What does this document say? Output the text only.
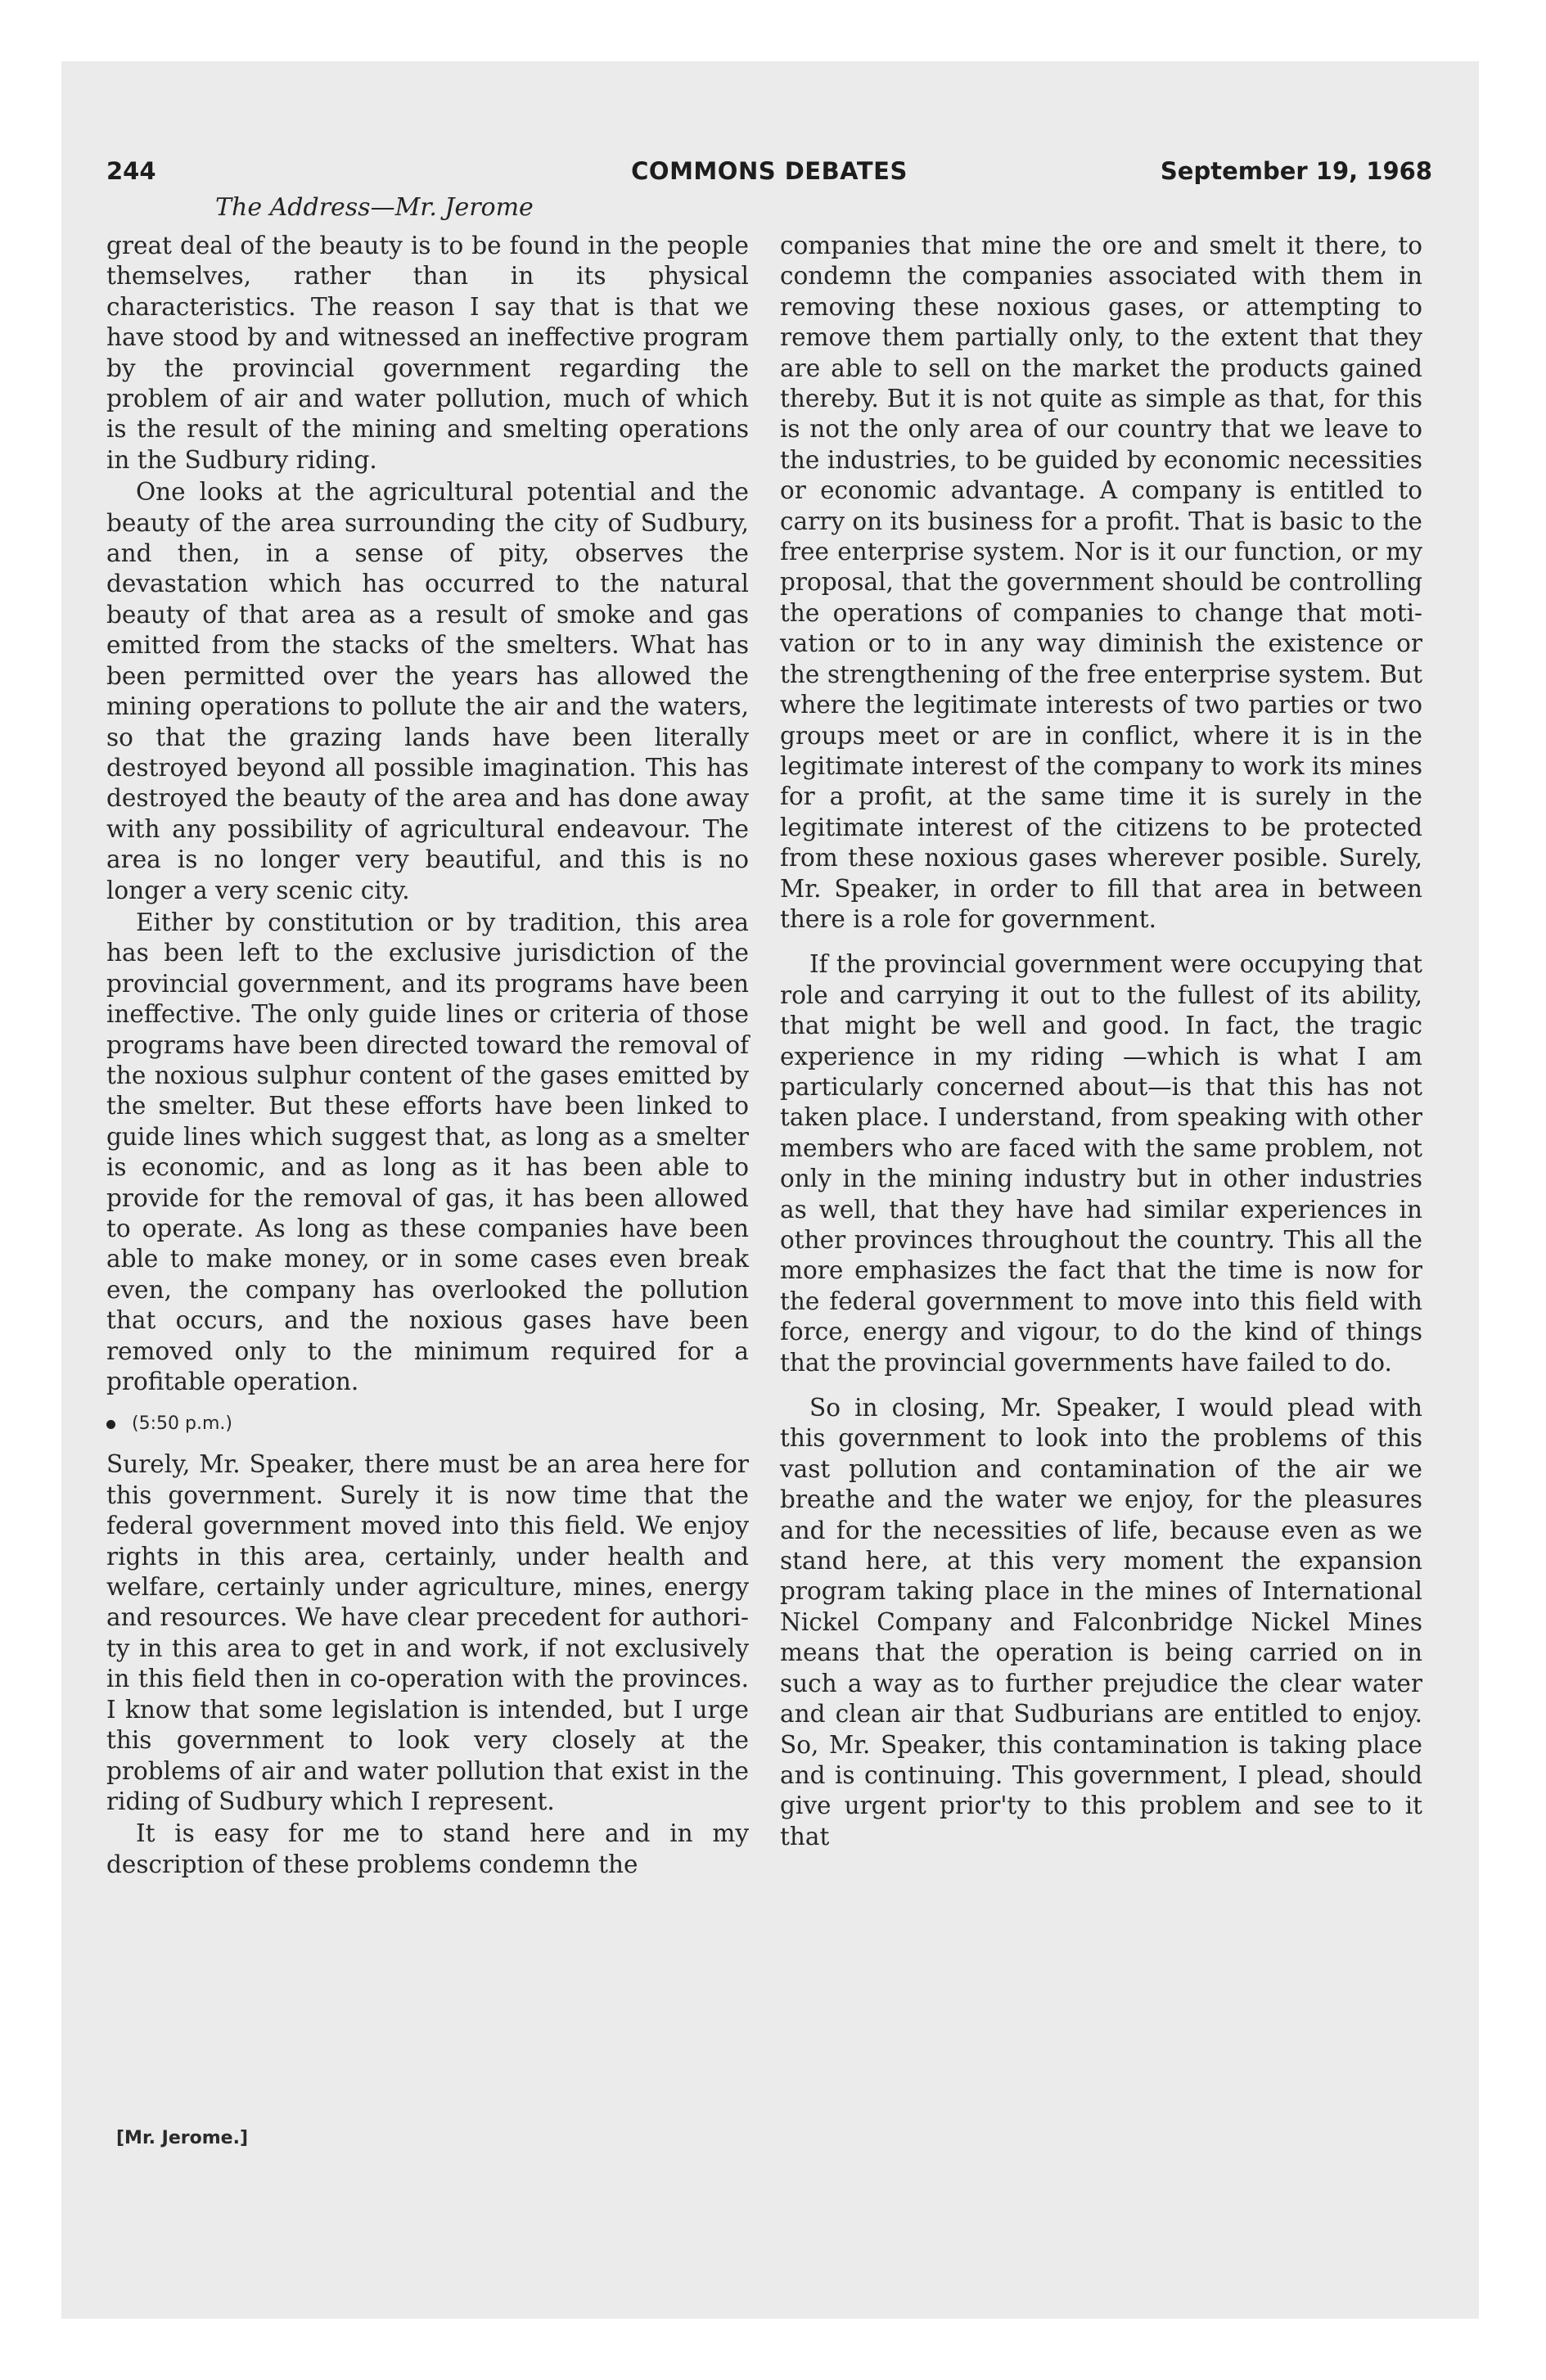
244	COMMONS DEBATES	September 19, 1968
The Address—Mr. Jerome

great deal of the beauty is to be found in the people themselves, rather than in its physical characteristics. The reason I say that is that we have stood by and witnessed an ineffective program by the provincial government regarding the problem of air and water pollution, much of which is the result of the mining and smelting operations in the Sudbury riding.

One looks at the agricultural potential and the beauty of the area surrounding the city of Sudbury, and then, in a sense of pity, observes the devastation which has occurred to the natural beauty of that area as a result of smoke and gas emitted from the stacks of the smelters. What has been permitted over the years has allowed the mining operations to pollute the air and the waters, so that the grazing lands have been literally destroyed beyond all possible imagination. This has destroyed the beauty of the area and has done away with any possibility of agricultural endeavour. The area is no longer very beautiful, and this is no longer a very scenic city.

Either by constitution or by tradition, this area has been left to the exclusive jurisdiction of the provincial government, and its programs have been ineffective. The only guide lines or criteria of those programs have been directed toward the removal of the noxious sulphur content of the gases emitted by the smelter. But these efforts have been linked to guide lines which suggest that, as long as a smelter is economic, and as long as it has been able to provide for the removal of gas, it has been allowed to operate. As long as these companies have been able to make money, or in some cases even break even, the company has overlooked the pollution that occurs, and the noxious gases have been removed only to the minimum required for a profitable operation.

(5:50 p.m.)

Surely, Mr. Speaker, there must be an area here for this government. Surely it is now time that the federal government moved into this field. We enjoy rights in this area, certainly, under health and welfare, certainly under agriculture, mines, energy and resources. We have clear precedent for authority in this area to get in and work, if not exclusively in this field then in co-operation with the provinces. I know that some legislation is intended, but I urge this government to look very closely at the problems of air and water pollution that exist in the riding of Sudbury which I represent.

It is easy for me to stand here and in my description of these problems condemn the

[Mr. Jerome.]

companies that mine the ore and smelt it there, to condemn the companies associated with them in removing these noxious gases, or attempting to remove them partially only, to the extent that they are able to sell on the market the products gained thereby. But it is not quite as simple as that, for this is not the only area of our country that we leave to the industries, to be guided by economic necessities or economic advantage. A company is entitled to carry on its business for a profit. That is basic to the free enterprise system. Nor is it our function, or my proposal, that the government should be controlling the operations of companies to change that motivation or to in any way diminish the existence or the strengthening of the free enterprise system. But where the legitimate interests of two parties or two groups meet or are in conflict, where it is in the legitimate interest of the company to work its mines for a profit, at the same time it is surely in the legitimate interest of the citizens to be protected from these noxious gases wherever posible. Surely, Mr. Speaker, in order to fill that area in between there is a role for government.

If the provincial government were occupying that role and carrying it out to the fullest of its ability, that might be well and good. In fact, the tragic experience in my riding —which is what I am particularly concerned about—is that this has not taken place. I understand, from speaking with other members who are faced with the same problem, not only in the mining industry but in other industries as well, that they have had similar experiences in other provinces throughout the country. This all the more emphasizes the fact that the time is now for the federal government to move into this field with force, energy and vigour, to do the kind of things that the provincial governments have failed to do.

So in closing, Mr. Speaker, I would plead with this government to look into the problems of this vast pollution and contamination of the air we breathe and the water we enjoy, for the pleasures and for the necessities of life, because even as we stand here, at this very moment the expansion program taking place in the mines of International Nickel Company and Falconbridge Nickel Mines means that the operation is being carried on in such a way as to further prejudice the clear water and clean air that Sudburians are entitled to enjoy. So, Mr. Speaker, this contamination is taking place and is continuing. This government, I plead, should give urgent prior'ty to this problem and see to it that
